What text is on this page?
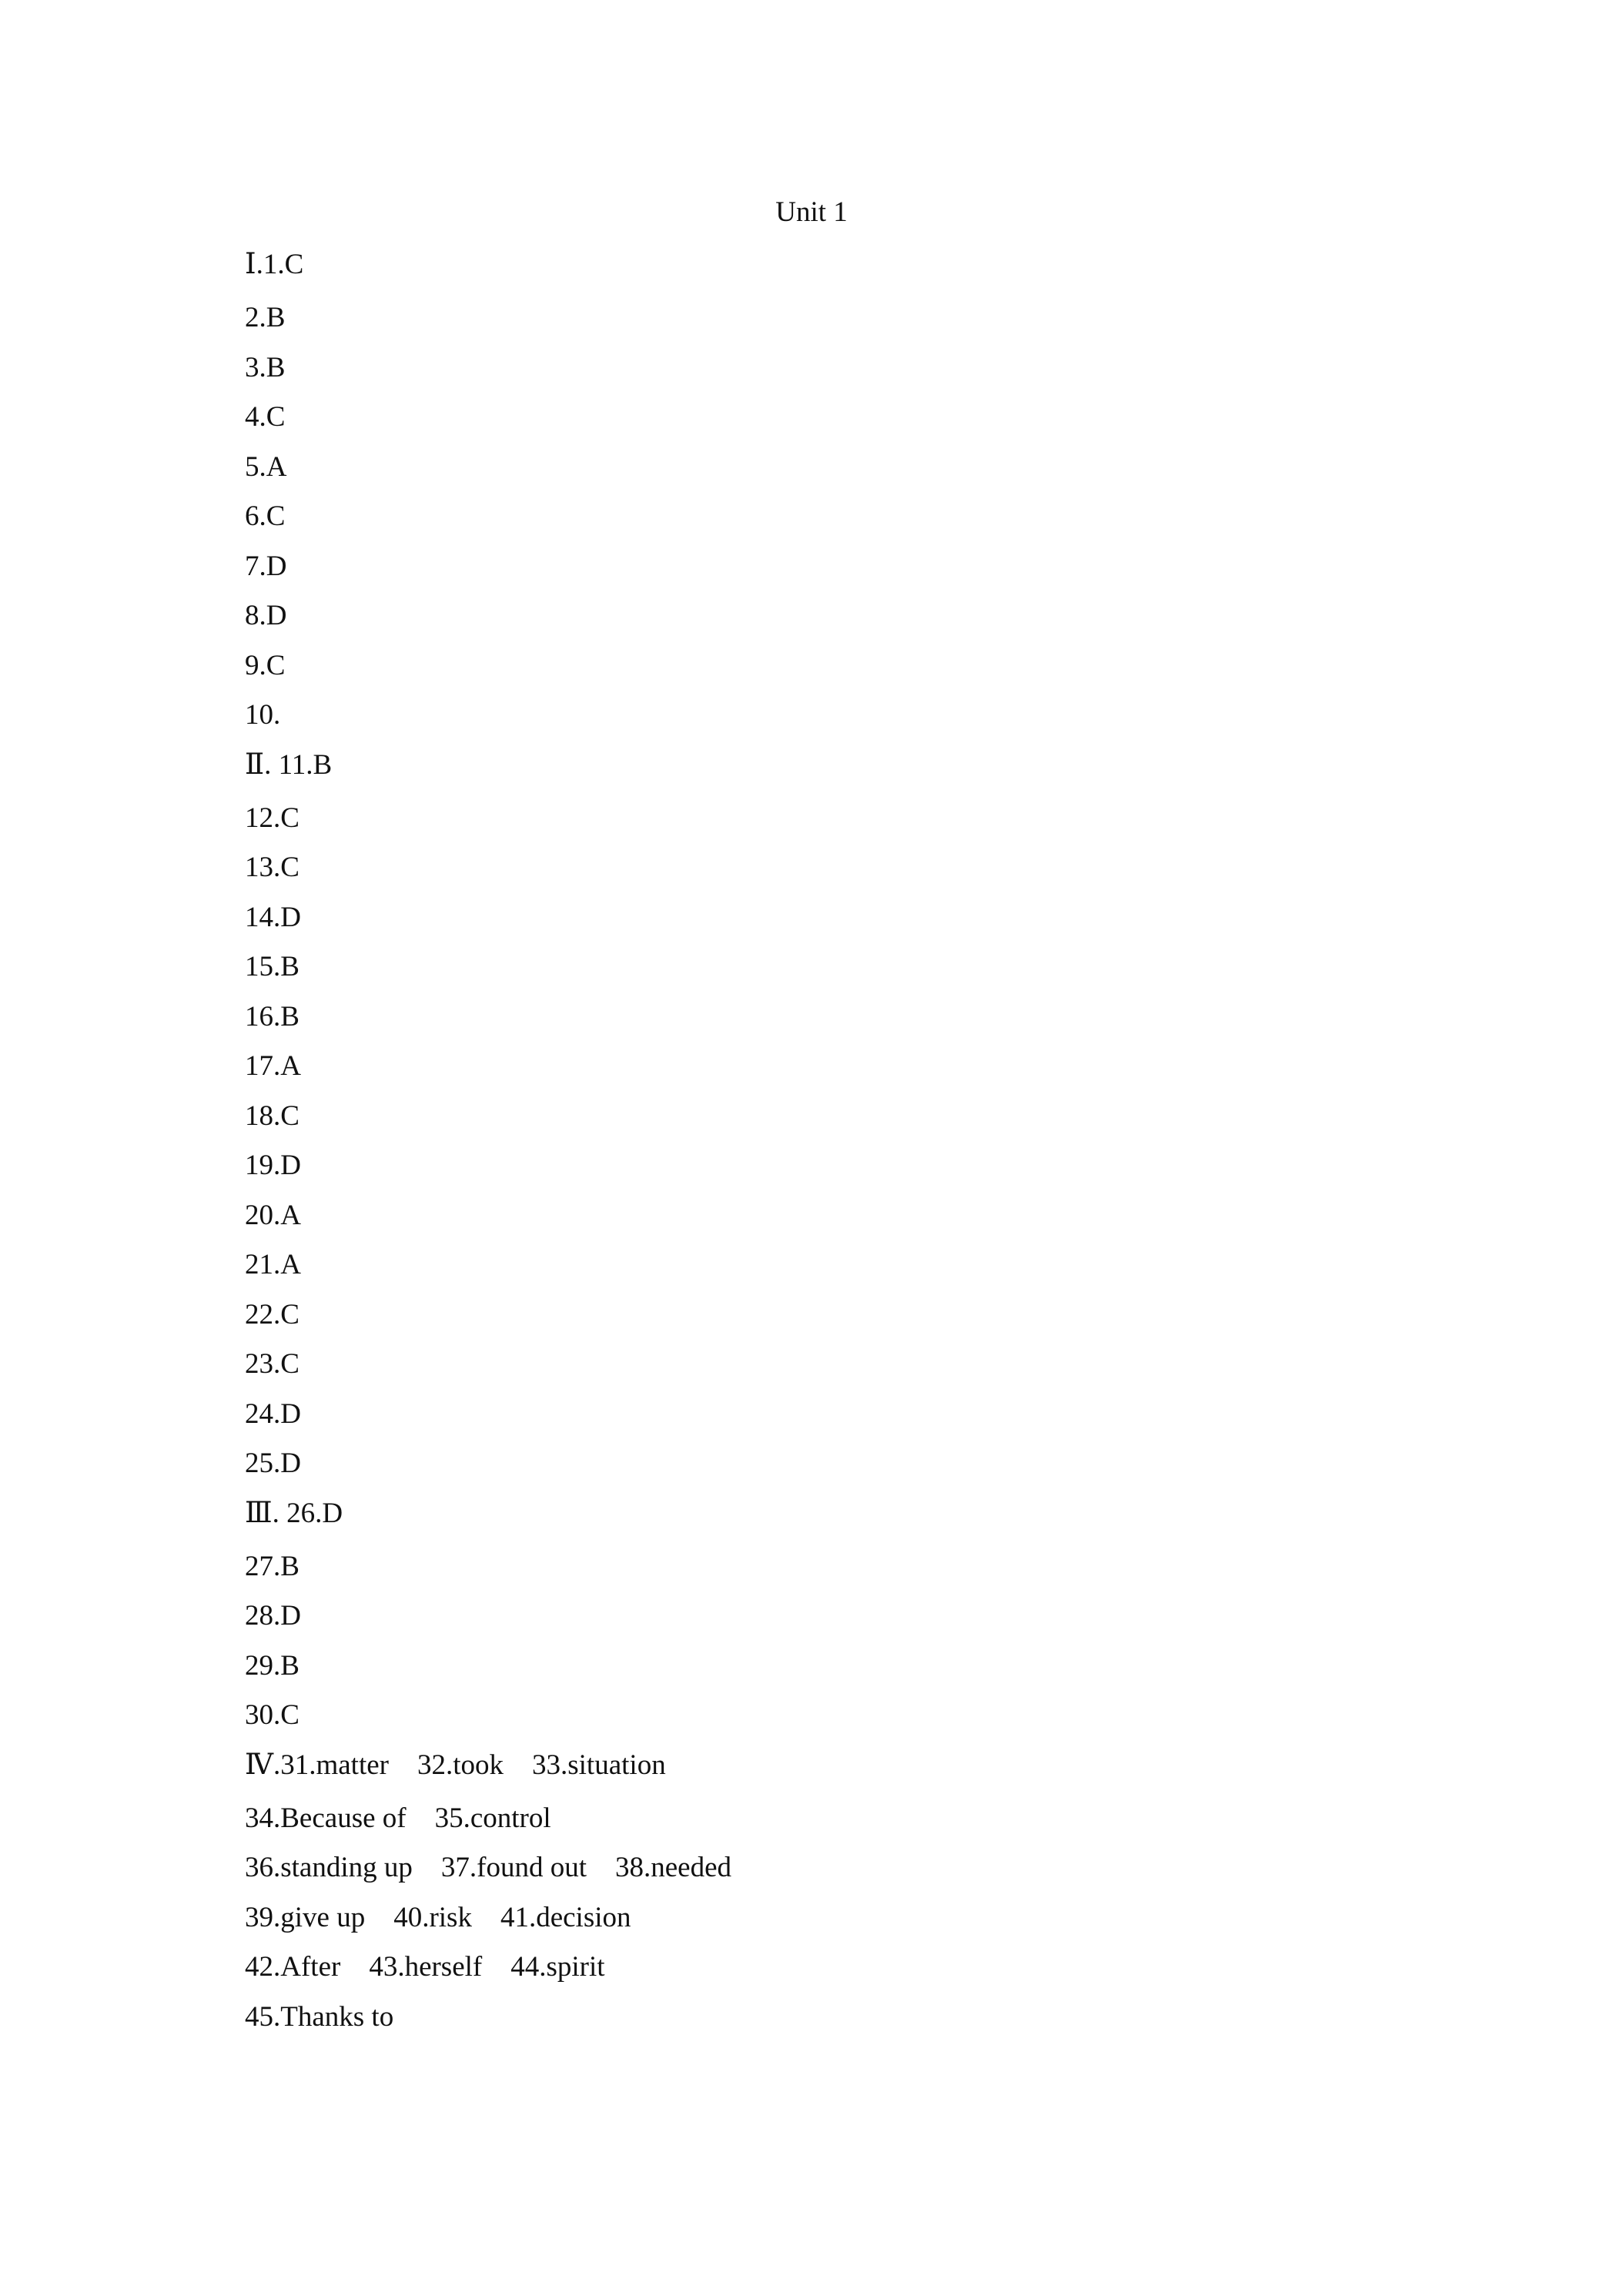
Unit 1
Ⅰ.1.C
2.B
3.B
4.C
5.A
6.C
7.D
8.D
9.C
10.
Ⅱ. 11.B
12.C
13.C
14.D
15.B
16.B
17.A
18.C
19.D
20.A
21.A
22.C
23.C
24.D
25.D
Ⅲ. 26.D
27.B
28.D
29.B
30.C
Ⅳ.31.matter    32.took    33.situation
34.Because of    35.control
36.standing up    37.found out    38.needed
39.give up    40.risk    41.decision
42.After    43.herself    44.spirit
45.Thanks to
